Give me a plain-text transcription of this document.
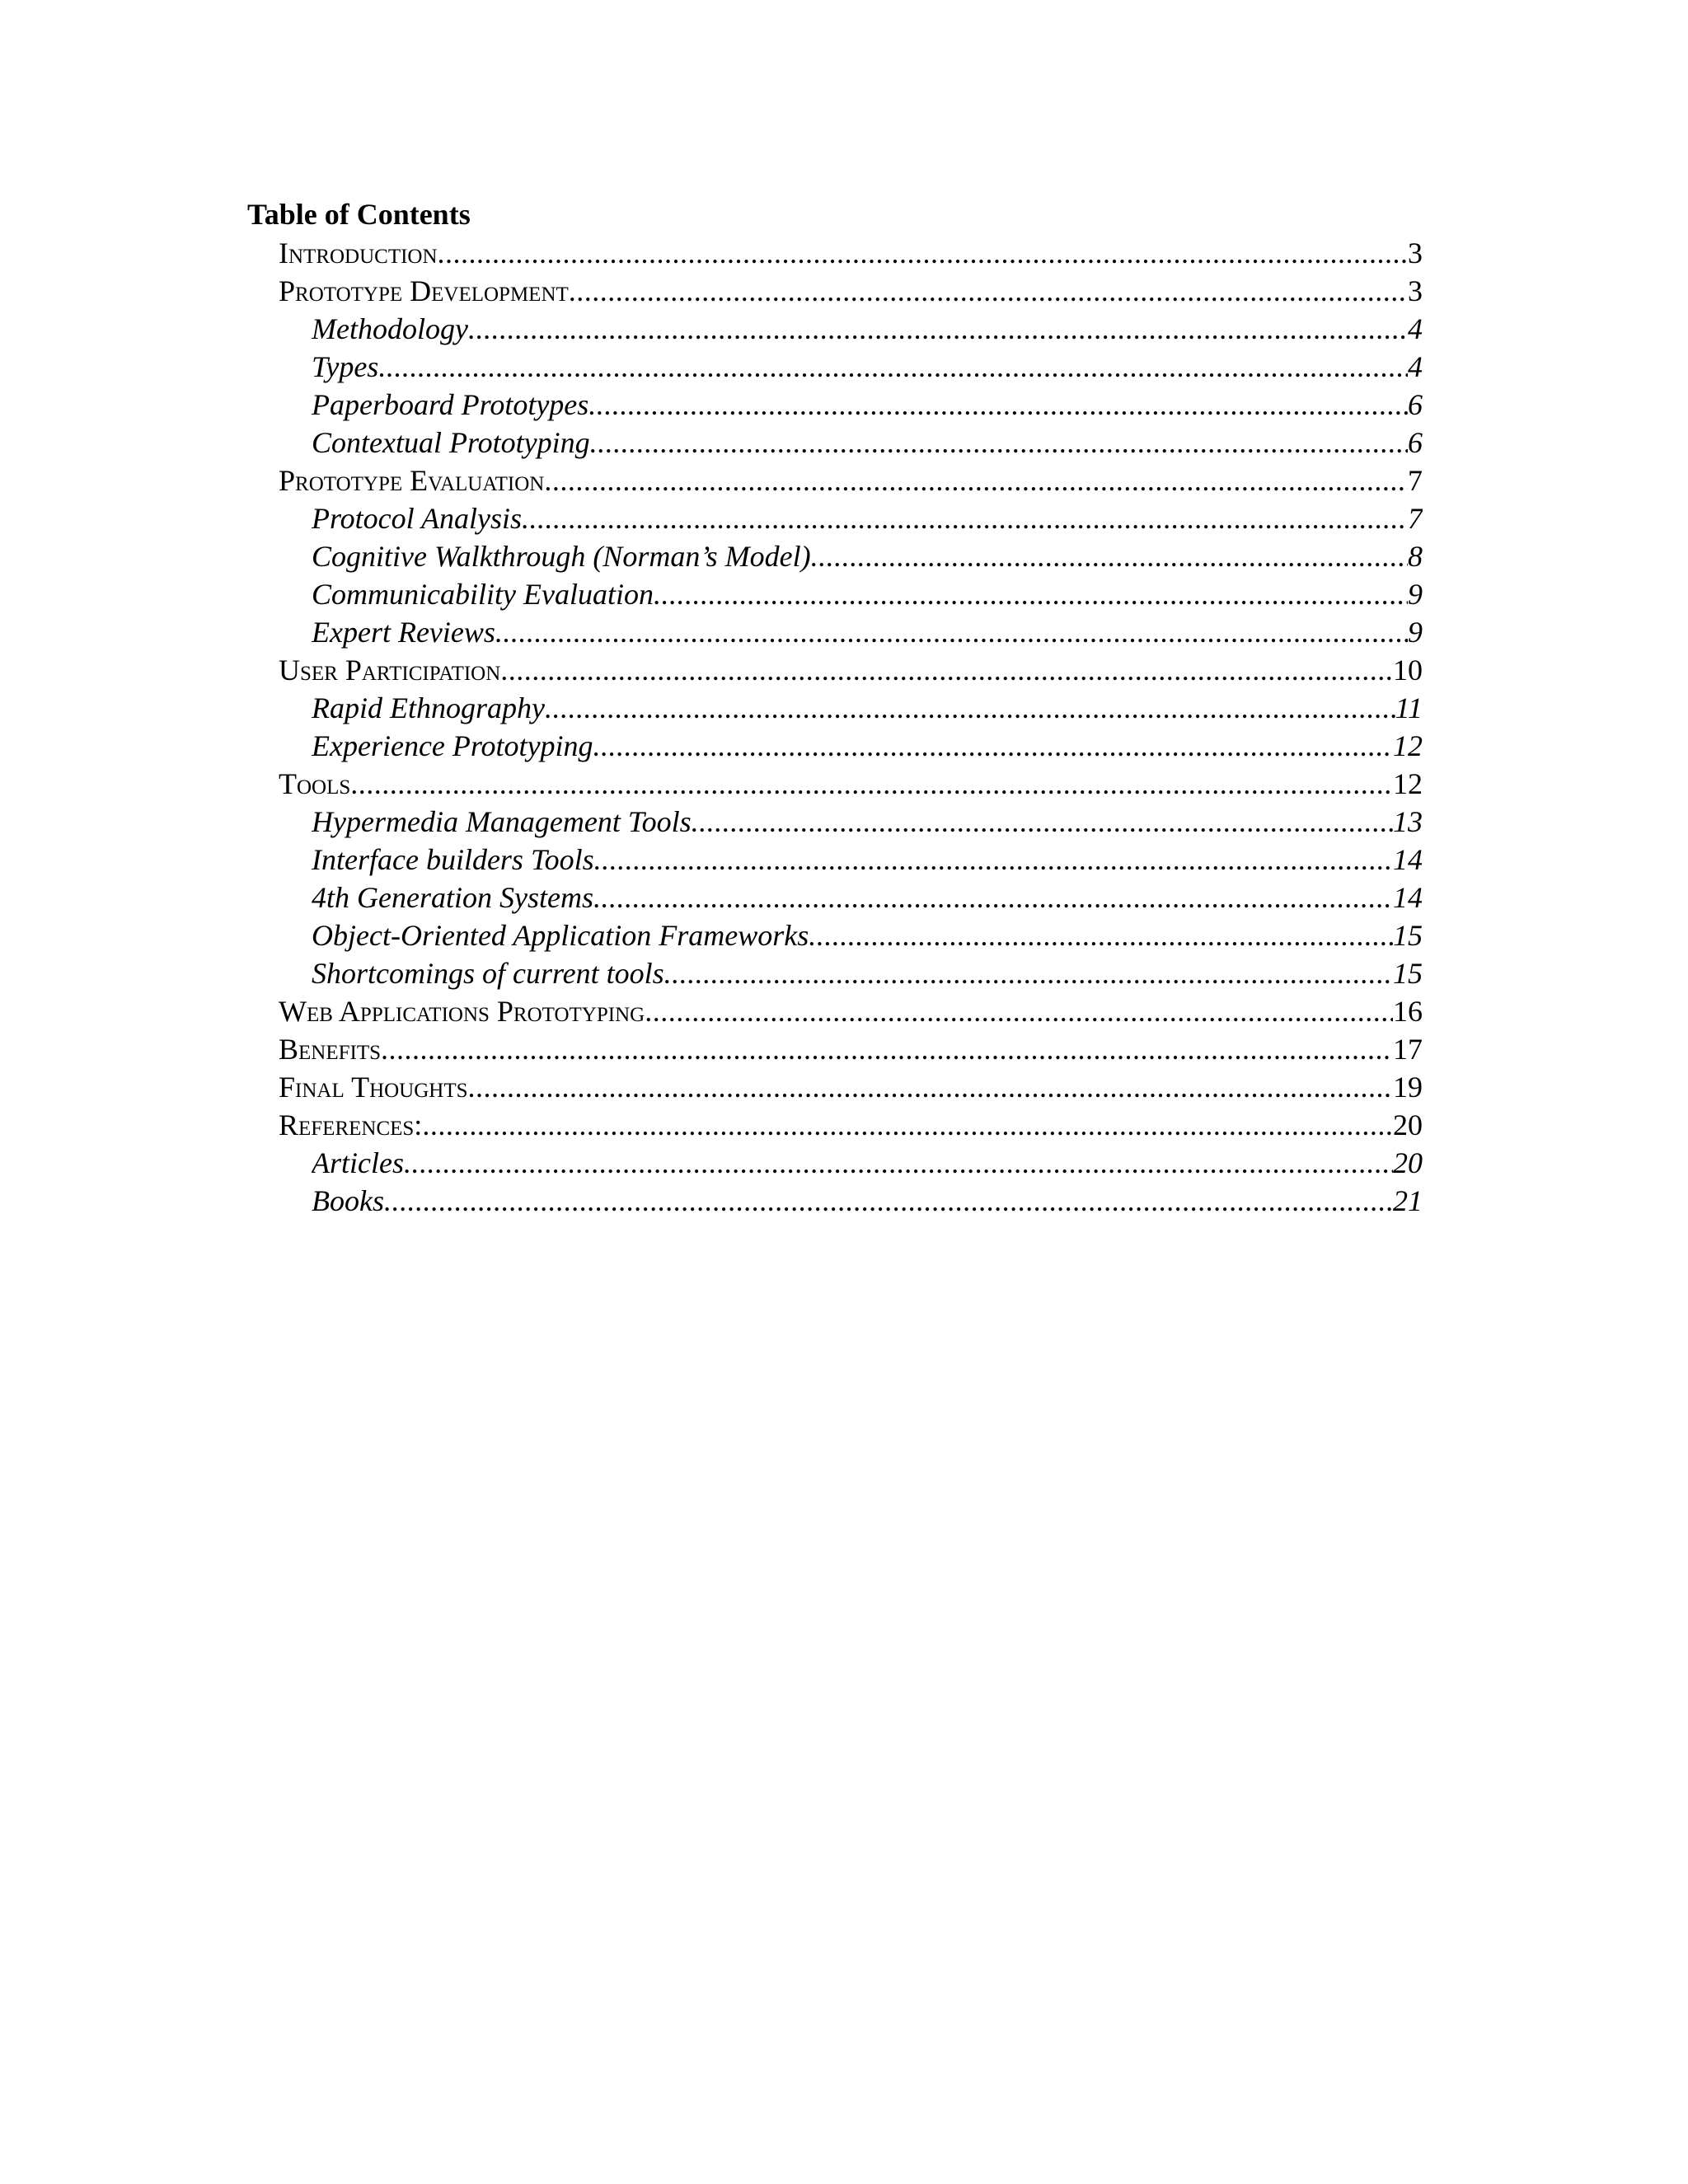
Table of Contents
Introduction .....	3
Prototype Development .....	3
Methodology .....	4
Types .....	4
Paperboard Prototypes .....	6
Contextual Prototyping .....	6
Prototype Evaluation .....	7
Protocol Analysis .....	7
Cognitive Walkthrough (Norman’s Model) .....	8
Communicability Evaluation .....	9
Expert Reviews .....	9
User Participation .....	10
Rapid Ethnography .....	11
Experience Prototyping .....	12
Tools .....	12
Hypermedia Management Tools .....	13
Interface builders Tools .....	14
4th Generation Systems .....	14
Object-Oriented Application Frameworks .....	15
Shortcomings of current tools .....	15
Web Applications Prototyping .....	16
Benefits .....	17
Final Thoughts .....	19
References: .....	20
Articles .....	20
Books .....	21
